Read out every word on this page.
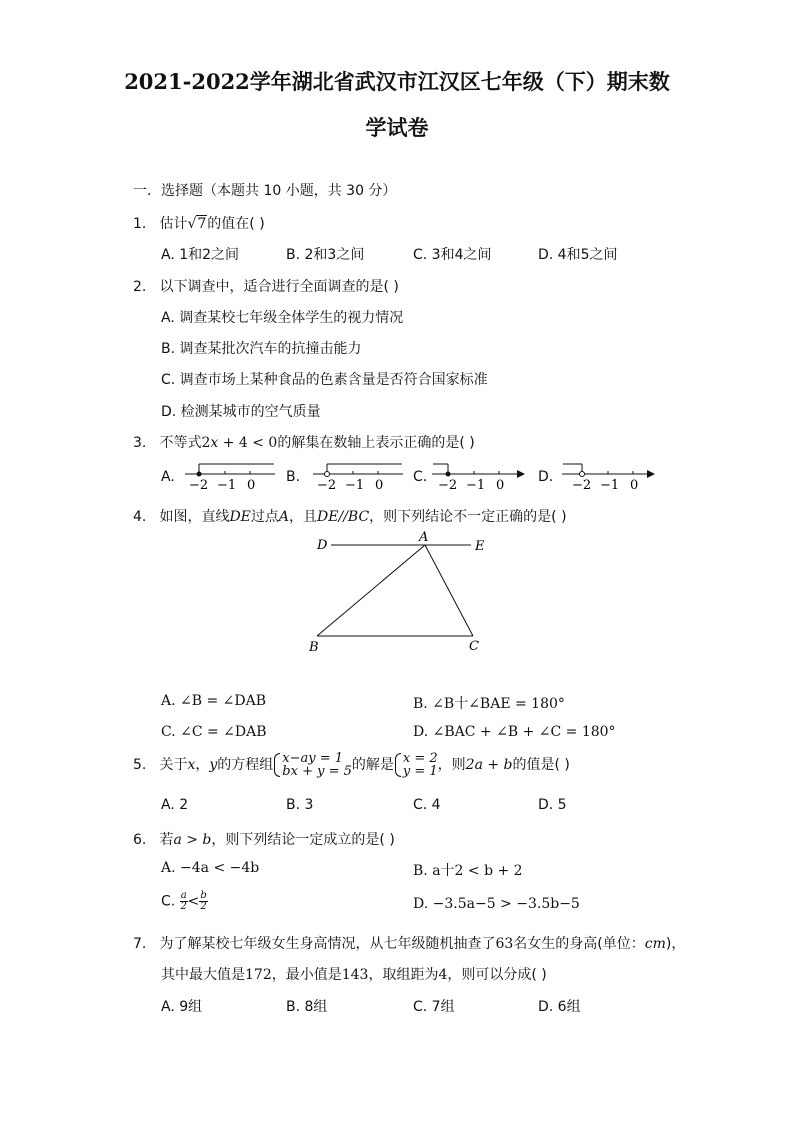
2021-2022学年湖北省武汉市江汉区七年级（下）期末数
学试卷
一．选择题（本题共 10 小题，共 30 分）
1. 估计√7的值在( )
A. 1和2之间	B. 2和3之间	C. 3和4之间	D. 4和5之间
2. 以下调查中，适合进行全面调查的是( )
A. 调查某校七年级全体学生的视力情况
B. 调查某批次汽车的抗撞击能力
C. 调查市场上某种食品的色素含量是否符合国家标准
D. 检测某城市的空气质量
3. 不等式2𝑥 + 4 < 0的解集在数轴上表示正确的是( )
A.
−2 −1 0
B.
−2 −1 0
C.
−2 −1 0
D.
−2 −1 0
4. 如图，直线DE过点A，且DE//BC，则下列结论不一定正确的是( )
D
A
E
B	C
A. ∠B = ∠DAB	B. ∠B十∠BAE = 180°
C. ∠C = ∠DAB	D. ∠BAC + ∠B + ∠C = 180°
5. 关于x，y的方程组 x−ay = 1
bx + y = 5 的解是 x = 2
y = 1 ，则2a + b的值是( )
A. 2	B. 3	C. 4	D. 5
6. 若a > b，则下列结论一定成立的是( )
A. −4a < −4b	B. a十2 < b + 2
C. $\frac{a}{2} < \frac{b}{2}$	D. −3.5a−5 > −3.5b−5
7. 为了解某校七年级女生身高情况，从七年级随机抽查了63名女生的身高(单位：cm)，
其中最大值是172，最小值是143，取组距为4，则可以分成( )
A. 9组	B. 8组	C. 7组	D. 6组
